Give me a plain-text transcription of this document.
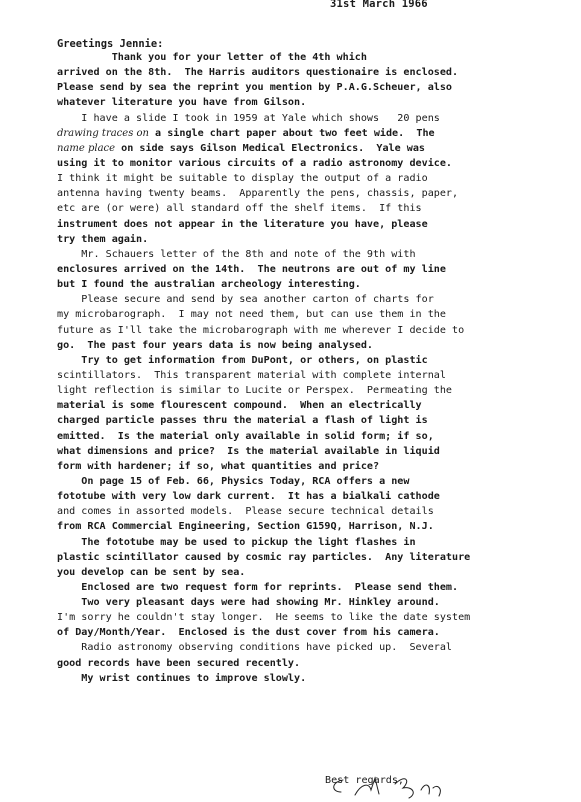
31st March 1966
Greetings Jennie:
Thank you for your letter of the 4th which
arrived on the 8th.  The Harris auditors questionaire is enclosed.
Please send by sea the reprint you mention by P.A.G.Scheuer, also
whatever literature you have from Gilson.
I have a slide I took in 1959 at Yale which shows   20 pens
drawing traces on a single chart paper about two feet wide.  The
name place on side says Gilson Medical Electronics.  Yale was
using it to monitor various circuits of a radio astronomy device.
I think it might be suitable to display the output of a radio
antenna having twenty beams.  Apparently the pens, chassis, paper,
etc are (or were) all standard off the shelf items.  If this
instrument does not appear in the literature you have, please
try them again.
Mr. Schauers letter of the 8th and note of the 9th with
enclosures arrived on the 14th.  The neutrons are out of my line
but I found the australian archeology interesting.
Please secure and send by sea another carton of charts for
my microbarograph.  I may not need them, but can use them in the
future as I'll take the microbarograph with me wherever I decide to
go.  The past four years data is now being analysed.
Try to get information from DuPont, or others, on plastic
scintillators.  This transparent material with complete internal
light reflection is similar to Lucite or Perspex.  Permeating the
material is some flourescent compound.  When an electrically
charged particle passes thru the material a flash of light is
emitted.  Is the material only available in solid form; if so,
what dimensions and price?  Is the material available in liquid
form with hardener; if so, what quantities and price?
On page 15 of Feb. 66, Physics Today, RCA offers a new
fototube with very low dark current.  It has a bialkali cathode
and comes in assorted models.  Please secure technical details
from RCA Commercial Engineering, Section G159Q, Harrison, N.J.
The fototube may be used to pickup the light flashes in
plastic scintillator caused by cosmic ray particles.  Any literature
you develop can be sent by sea.
Enclosed are two request form for reprints.  Please send them.
Two very pleasant days were had showing Mr. Hinkley around.
I'm sorry he couldn't stay longer.  He seems to like the date system
of Day/Month/Year.  Enclosed is the dust cover from his camera.
Radio astronomy observing conditions have picked up.  Several
good records have been secured recently.
My wrist continues to improve slowly.
Best regards,
